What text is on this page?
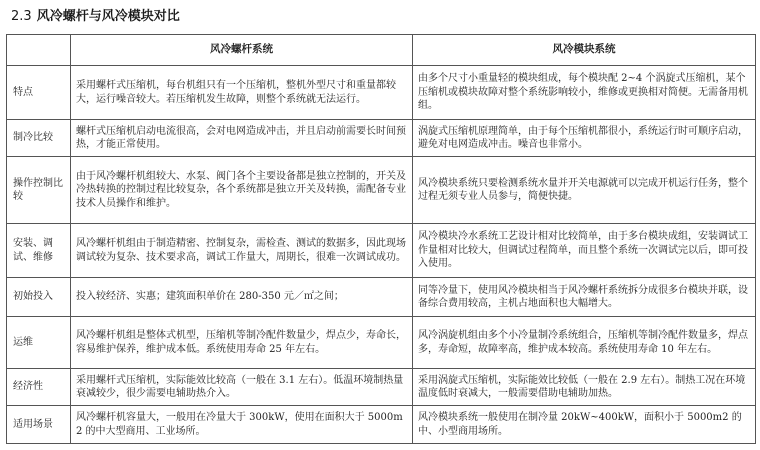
2.3 风冷螺杆与风冷模块对比
	风冷螺杆系统	风冷模块系统
特点	采用螺杆式压缩机，每台机组只有一个压缩机，整机外型尺寸和重量都较大，运行噪音较大。若压缩机发生故障，则整个系统就无法运行。	由多个尺寸小重量轻的模块组成，每个模块配 2~4 个涡旋式压缩机，某个压缩机或模块故障对整个系统影响较小，维修或更换相对简便。无需备用机组。
制冷比较	螺杆式压缩机启动电流很高，会对电网造成冲击，并且启动前需要长时间预热，才能正常使用。	涡旋式压缩机原理简单，由于每个压缩机都很小，系统运行时可顺序启动，避免对电网造成冲击。噪音也非常小。
操作控制比较	由于风冷螺杆机组较大、水泵、阀门各个主要设备都是独立控制的，开关及冷热转换的控制过程比较复杂，各个系统都是独立开关及转换，需配备专业技术人员操作和维护。	风冷模块系统只要检测系统水量并开关电源就可以完成开机运行任务，整个过程无须专业人员参与，简便快捷。
安装、调试、维修	风冷螺杆机组由于制造精密、控制复杂，需检查、测试的数据多，因此现场调试较为复杂、技术要求高，调试工作量大，周期长，很难一次调试成功。	风冷模块冷水系统工艺设计相对比较简单，由于多台模块成组，安装调试工作量相对比较大，但调试过程简单，而且整个系统一次调试完以后，即可投入使用。
初始投入	投入较经济、实惠；建筑面积单价在 280-350 元／㎡之间；	同等冷量下，使用风冷模块相当于风冷螺杆系统拆分成很多台模块并联，设备综合费用较高，主机占地面积也大幅增大。
运维	风冷螺杆机组是整体式机型，压缩机等制冷配件数量少，焊点少，寿命长，容易维护保养，维护成本低。系统使用寿命 25 年左右。	风冷涡旋机组由多个小冷量制冷系统组合，压缩机等制冷配件数量多，焊点多，寿命短，故障率高，维护成本较高。系统使用寿命 10 年左右。
经济性	采用螺杆式压缩机，实际能效比较高（一般在 3.1 左右）。低温环境制热量衰减较少，很少需要电辅助热介入。	采用涡旋式压缩机，实际能效比较低（一般在 2.9 左右）。制热工况在环境温度低时衰减大，一般需要借助电辅助加热。
适用场景	风冷螺杆机容量大，一般用在冷量大于 300kW，使用在面积大于 5000m2 的中大型商用、工业场所。	风冷模块系统一般使用在制冷量 20kW~400kW，面积小于 5000m2 的中、小型商用场所。
